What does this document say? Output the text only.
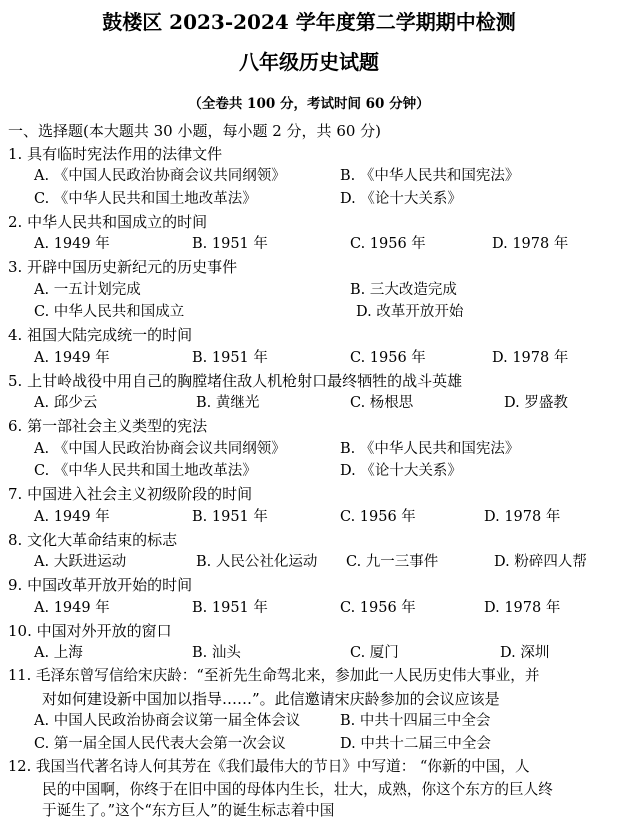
鼓楼区 2023-2024 学年度第二学期期中检测
八年级历史试题
（全卷共 100 分，考试时间 60 分钟）
一、选择题(本大题共 30 小题，每小题 2 分，共 60 分)
1. 具有临时宪法作用的法律文件
A. 《中国人民政治协商会议共同纲领》	B. 《中华人民共和国宪法》
C. 《中华人民共和国土地改革法》	D. 《论十大关系》
2. 中华人民共和国成立的时间
A. 1949 年	B. 1951 年	C. 1956 年	D. 1978 年
3. 开辟中国历史新纪元的历史事件
A. 一五计划完成	B. 三大改造完成
C. 中华人民共和国成立	D. 改革开放开始
4. 祖国大陆完成统一的时间
A. 1949 年	B. 1951 年	C. 1956 年	D. 1978 年
5. 上甘岭战役中用自己的胸膛堵住敌人机枪射口最终牺牲的战斗英雄
A. 邱少云	B. 黄继光	C. 杨根思	D. 罗盛教
6. 第一部社会主义类型的宪法
A. 《中国人民政治协商会议共同纲领》	B. 《中华人民共和国宪法》
C. 《中华人民共和国土地改革法》	D. 《论十大关系》
7. 中国进入社会主义初级阶段的时间
A. 1949 年	B. 1951 年	C. 1956 年	D. 1978 年
8. 文化大革命结束的标志
A. 大跃进运动	B. 人民公社化运动 C. 九一三事件	D. 粉碎四人帮
9. 中国改革开放开始的时间
A. 1949 年	B. 1951 年	C. 1956 年	D. 1978 年
10. 中国对外开放的窗口
A. 上海	B. 汕头	C. 厦门	D. 深圳
11. 毛泽东曾写信给宋庆龄：“至祈先生命驾北来，参加此一人民历史伟大事业，并
对如何建设新中国加以指导……”。此信邀请宋庆龄参加的会议应该是
A. 中国人民政治协商会议第一届全体会议	B. 中共十四届三中全会
C. 第一届全国人民代表大会第一次会议	D. 中共十二届三中全会
12. 我国当代著名诗人何其芳在《我们最伟大的节日》中写道： “你新的中国，人
民的中国啊，你终于在旧中国的母体内生长，壮大，成熟，你这个东方的巨人终
于诞生了。”这个“东方巨人”的诞生标志着中国
